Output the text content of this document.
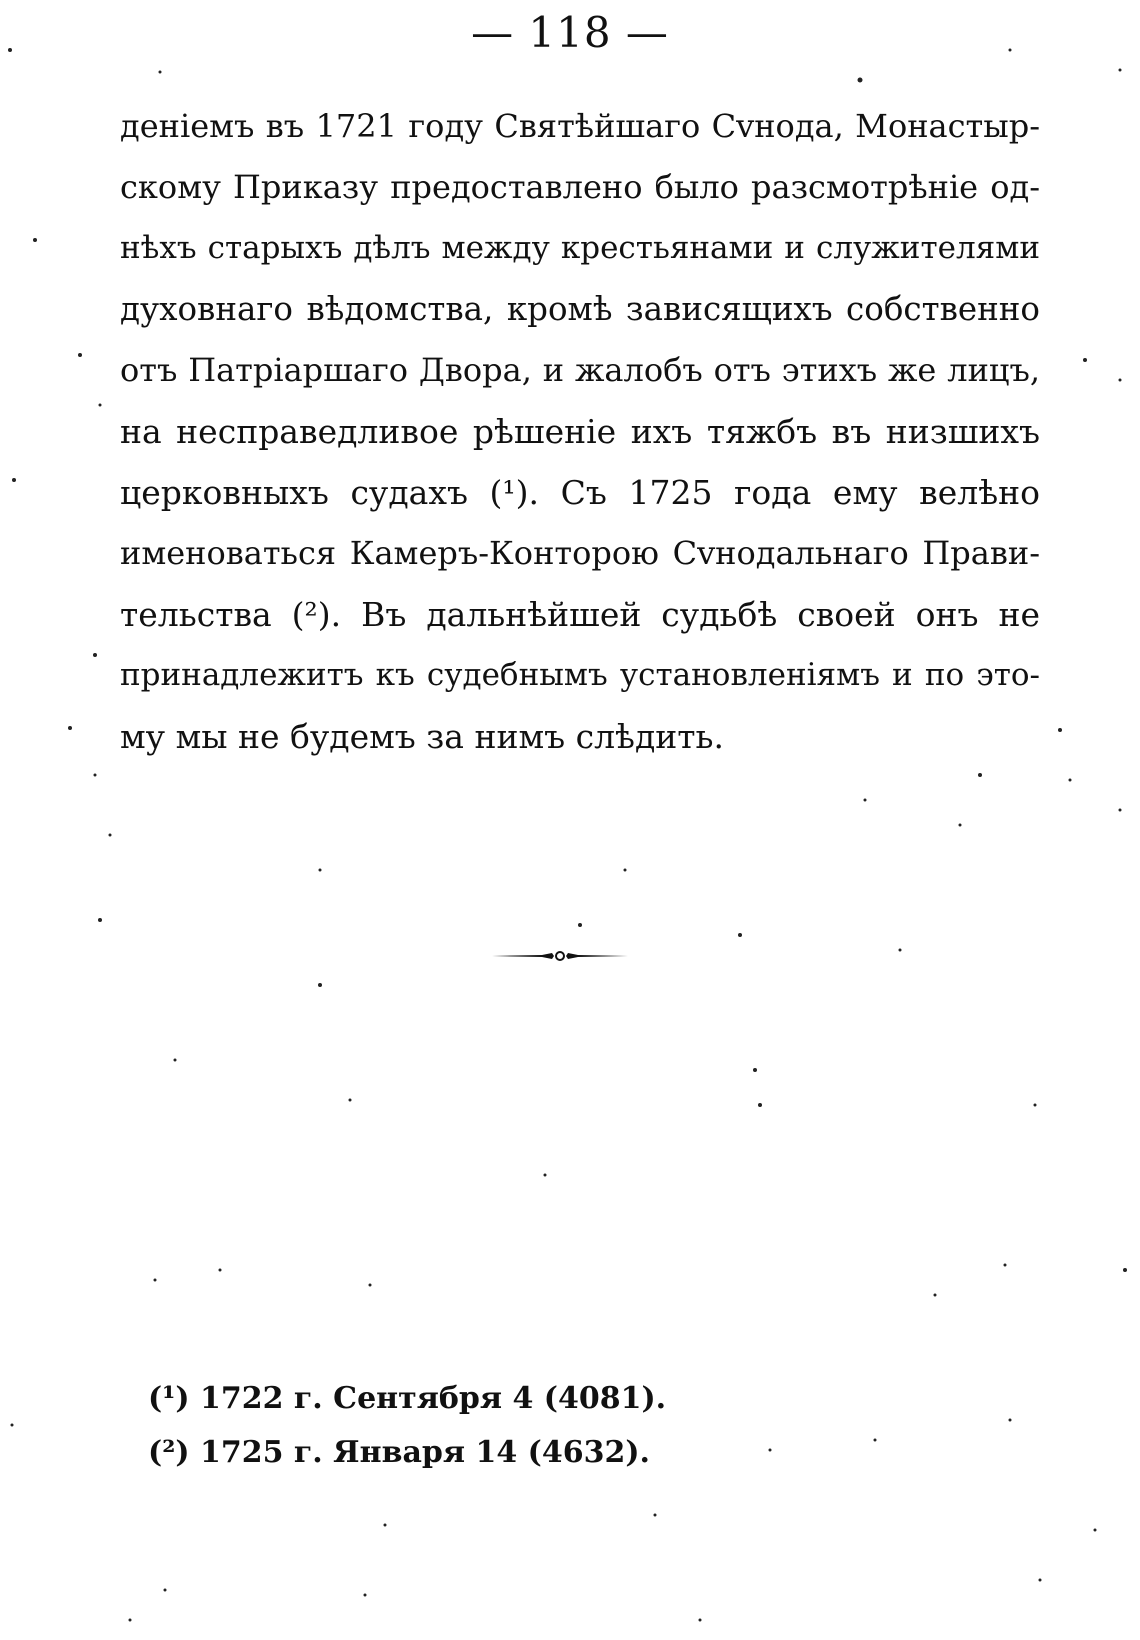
— 118 —
деніемъ въ 1721 году Святѣйшаго Сvнода, Монастыр-
скому Приказу предоставлено было разсмотрѣніе од-
нѣхъ старыхъ дѣлъ между крестьянами и служителями
духовнаго вѣдомства, кромѣ зависящихъ собственно
отъ Патріаршаго Двора, и жалобъ отъ этихъ же лицъ,
на несправедливое рѣшеніе ихъ тяжбъ въ низшихъ
церковныхъ судахъ (¹). Съ 1725 года ему велѣно
именоваться Камеръ-Конторою Сvнодальнаго Прави-
тельства (²). Въ дальнѣйшей судьбѣ своей онъ не
принадлежитъ къ судебнымъ установленіямъ и по это-
му мы не будемъ за нимъ слѣдить.
(¹) 1722 г. Сентября 4 (4081).
(²) 1725 г. Января 14 (4632).
